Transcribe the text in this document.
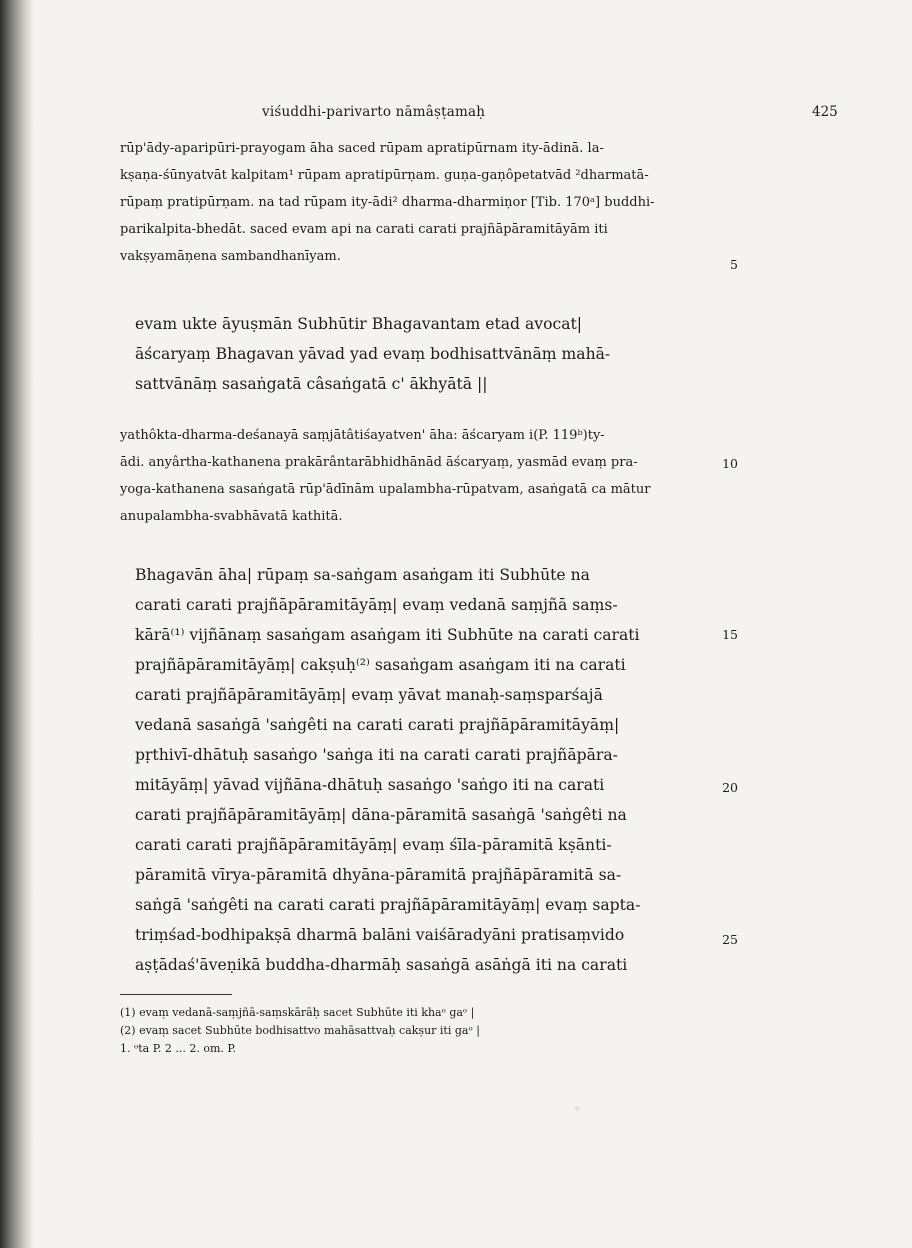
viśuddhi-parivarto nāmâṣṭamaḥ	425
rūp'ādy-aparipūri-prayogam āha saced rūpam apratipūrnam ity-ādinā. la‑
kṣaṇa-śūnyatvāt kalpitam¹ rūpam apratipūrṇam. guṇa-gaṇôpetatvād ²dharmatā-
rūpaṃ pratipūrṇam. na tad rūpam ity-ādi² dharma-dharmiṇor [Tib. 170ᵃ] buddhi-
parikalpita-bhedāt. saced evam api na carati carati prajñāpāramitāyām iti
vakṣyamāṇena sambandhanīyam.
evam ukte āyuṣmān Subhūtir Bhagavantam etad avocat|
āścaryaṃ Bhagavan yāvad yad evaṃ bodhisattvānāṃ mahā‑
sattvānāṃ sasaṅgatā câsaṅgatā c' ākhyātā ||
yathôkta-dharma-deśanayā saṃjātâtiśayatven' āha: āścaryam i(P. 119ᵇ)ty-
ādi. anyârtha-kathanena prakārântarābhidhānād āścaryaṃ, yasmād evaṃ pra‑
yoga-kathanena sasaṅgatā rūp'ādīnām upalambha-rūpatvam, asaṅgatā ca mātur
anupalambha-svabhāvatā kathitā.
Bhagavān āha| rūpaṃ sa-saṅgam asaṅgam iti Subhūte na
carati carati prajñāpāramitāyāṃ| evaṃ vedanā saṃjñā saṃs‑
kārā⁽¹⁾ vijñānaṃ sasaṅgam asaṅgam iti Subhūte na carati carati
prajñāpāramitāyāṃ| cakṣuḥ⁽²⁾ sasaṅgam asaṅgam iti na carati
carati prajñāpāramitāyāṃ| evaṃ yāvat manaḥ-saṃsparśajā
vedanā sasaṅgā 'saṅgêti na carati carati prajñāpāramitāyāṃ|
pṛthivī-dhātuḥ sasaṅgo 'saṅga iti na carati carati prajñāpāra‑
mitāyāṃ| yāvad vijñāna-dhātuḥ sasaṅgo 'saṅgo iti na carati
carati prajñāpāramitāyāṃ| dāna-pāramitā sasaṅgā 'saṅgêti na
carati carati prajñāpāramitāyāṃ| evaṃ śīla-pāramitā kṣānti-
pāramitā vīrya-pāramitā dhyāna-pāramitā prajñāpāramitā sa‑
saṅgā 'saṅgêti na carati carati prajñāpāramitāyāṃ| evaṃ sapta‑
triṃśad-bodhipakṣā dharmā balāni vaiśāradyāni pratisaṃvido
aṣṭādaś'āveṇikā buddha-dharmāḥ sasaṅgā asāṅgā iti na carati
5
10
15
20
25
(1) evaṃ vedanā-saṃjñā-saṃskārāḥ sacet Subhūte iti khaᵒ gaᵒ |
(2) evaṃ sacet Subhūte bodhisattvo mahāsattvaḥ cakṣur iti gaᵒ |
1. ᵒta P. 2 ... 2. om. P.
◦
